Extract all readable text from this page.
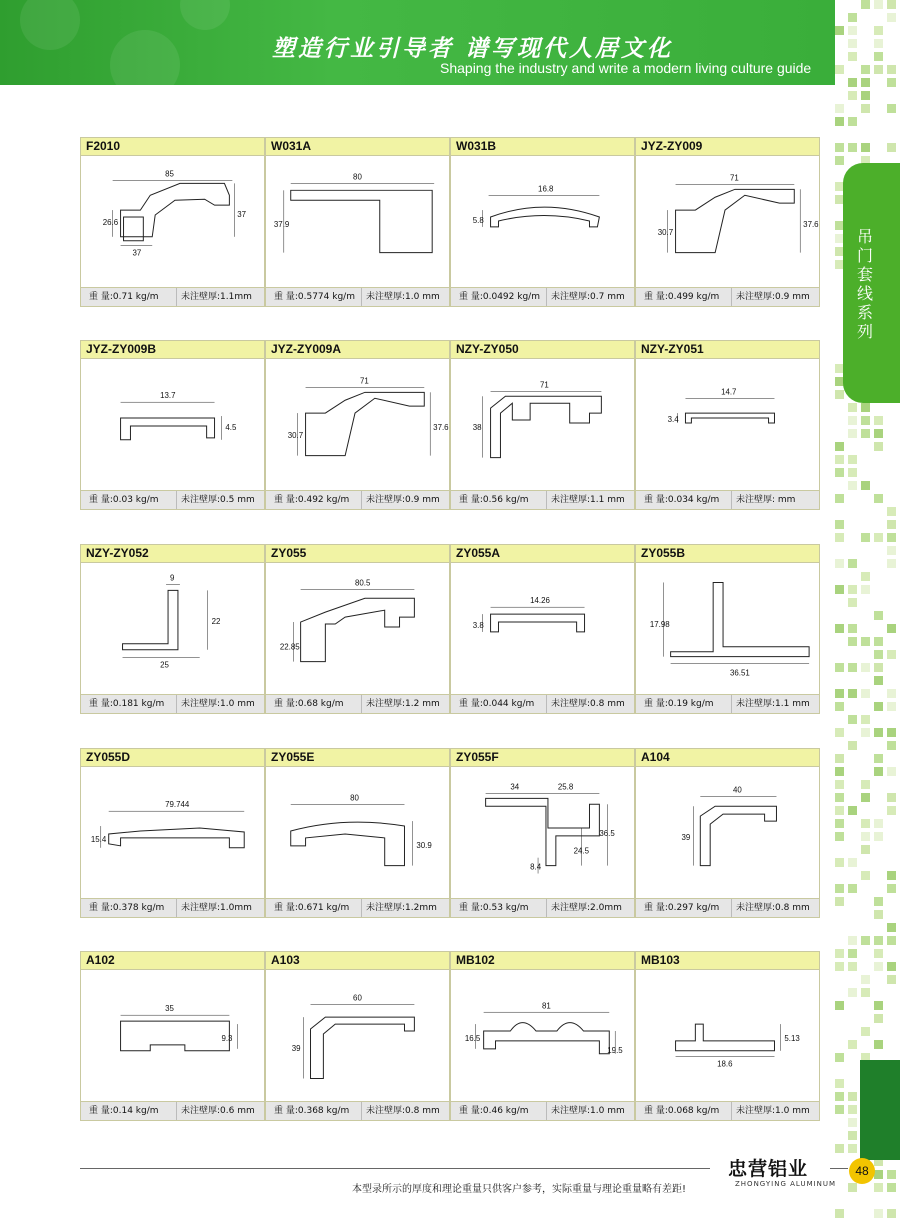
塑造行业引导者 谱写现代人居文化
Shaping the industry and write a modern living culture guide
吊门套线系列
F2010
85
26.6
37
37
重 量:0.71 kg/m	未注壁厚:1.1mm
W031A
80
37.9
重 量:0.5774 kg/m	未注壁厚:1.0 mm
W031B
16.8
5.8
重 量:0.0492 kg/m	未注壁厚:0.7 mm
JYZ-ZY009
71
30.7
37.6
重 量:0.499 kg/m	未注壁厚:0.9 mm
JYZ-ZY009B
13.7
4.5
重 量:0.03 kg/m	未注壁厚:0.5 mm
JYZ-ZY009A
71
30.7
37.6
重 量:0.492 kg/m	未注壁厚:0.9 mm
NZY-ZY050
71
38
重 量:0.56 kg/m	未注壁厚:1.1 mm
NZY-ZY051
14.7
3.4
重 量:0.034 kg/m	未注壁厚: mm
NZY-ZY052
9
22
25
重 量:0.181 kg/m	未注壁厚:1.0 mm
ZY055
80.5
22.85
重 量:0.68 kg/m	未注壁厚:1.2 mm
ZY055A
14.26
3.8
重 量:0.044 kg/m	未注壁厚:0.8 mm
ZY055B
17.98
36.51
重 量:0.19 kg/m	未注壁厚:1.1 mm
ZY055D
79.744
15.4
重 量:0.378 kg/m	未注壁厚:1.0mm
ZY055E
80
30.9
重 量:0.671 kg/m	未注壁厚:1.2mm
ZY055F
34	25.8
36.5
24.5
8.4
重 量:0.53 kg/m	未注壁厚:2.0mm
A104
40
39
重 量:0.297 kg/m	未注壁厚:0.8 mm
A102
35
9.3
重 量:0.14 kg/m	未注壁厚:0.6 mm
A103
60
39
重 量:0.368 kg/m	未注壁厚:0.8 mm
MB102
81
16.5
19.5
重 量:0.46 kg/m	未注壁厚:1.0 mm
MB103
18.6
5.13
重 量:0.068 kg/m	未注壁厚:1.0 mm
忠营铝业
ZHONGYING ALUMINUM
48
本型录所示的厚度和理论重量只供客户参考，实际重量与理论重量略有差距!
